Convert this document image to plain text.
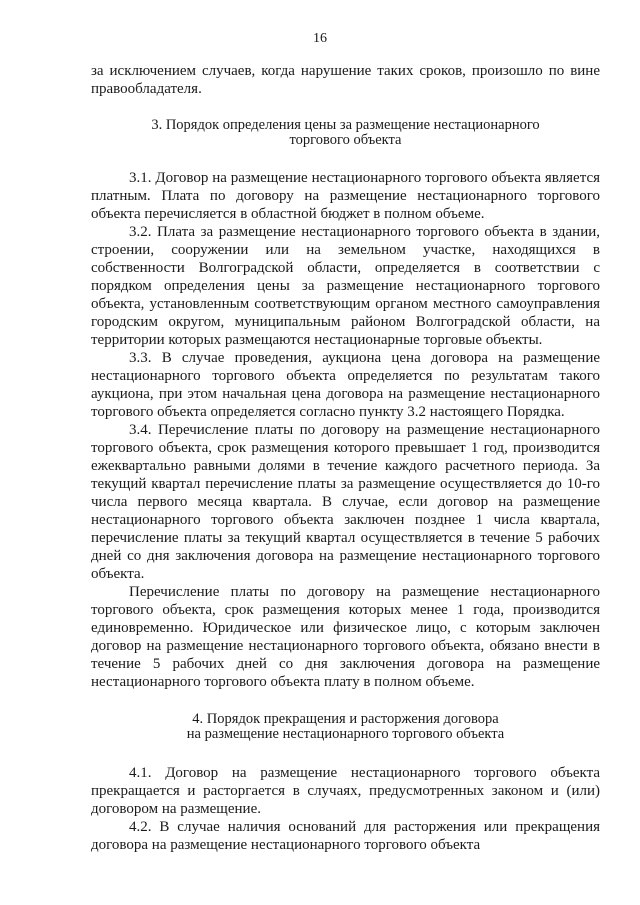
16

за исключением случаев, когда нарушение таких сроков, произошло по вине правообладателя.

3. Порядок определения цены за размещение нестационарного
торгового объекта

3.1. Договор на размещение нестационарного торгового объекта является платным. Плата по договору на размещение нестационарного торгового объекта перечисляется в областной бюджет в полном объеме.

3.2. Плата за размещение нестационарного торгового объекта в здании, строении, сооружении или на земельном участке, находящихся в собственности Волгоградской области, определяется в соответствии с порядком определения цены за размещение нестационарного торгового объекта, установленным соответствующим органом местного самоуправления городским округом, муниципальным районом Волгоградской области, на территории которых размещаются нестационарные торговые объекты.

3.3. В случае проведения, аукциона цена договора на размещение нестационарного торгового объекта определяется по результатам такого аукциона, при этом начальная цена договора на размещение нестационарного торгового объекта определяется согласно пункту 3.2 настоящего Порядка.

3.4. Перечисление платы по договору на размещение нестационарного торгового объекта, срок размещения которого превышает 1 год, производится ежеквартально равными долями в течение каждого расчетного периода. За текущий квартал перечисление платы за размещение осуществляется до 10-го числа первого месяца квартала. В случае, если договор на размещение нестационарного торгового объекта заключен позднее 1 числа квартала, перечисление платы за текущий квартал осуществляется в течение 5 рабочих дней со дня заключения договора на размещение нестационарного торгового объекта.

Перечисление платы по договору на размещение нестационарного торгового объекта, срок размещения которых менее 1 года, производится единовременно. Юридическое или физическое лицо, с которым заключен договор на размещение нестационарного торгового объекта, обязано внести в течение 5 рабочих дней со дня заключения договора на размещение нестационарного торгового объекта плату в полном объеме.

4. Порядок прекращения и расторжения договора
на размещение нестационарного торгового объекта

4.1. Договор на размещение нестационарного торгового объекта прекращается и расторгается в случаях, предусмотренных законом и (или) договором на размещение.

4.2. В случае наличия оснований для расторжения или прекращения договора на размещение нестационарного торгового объекта
